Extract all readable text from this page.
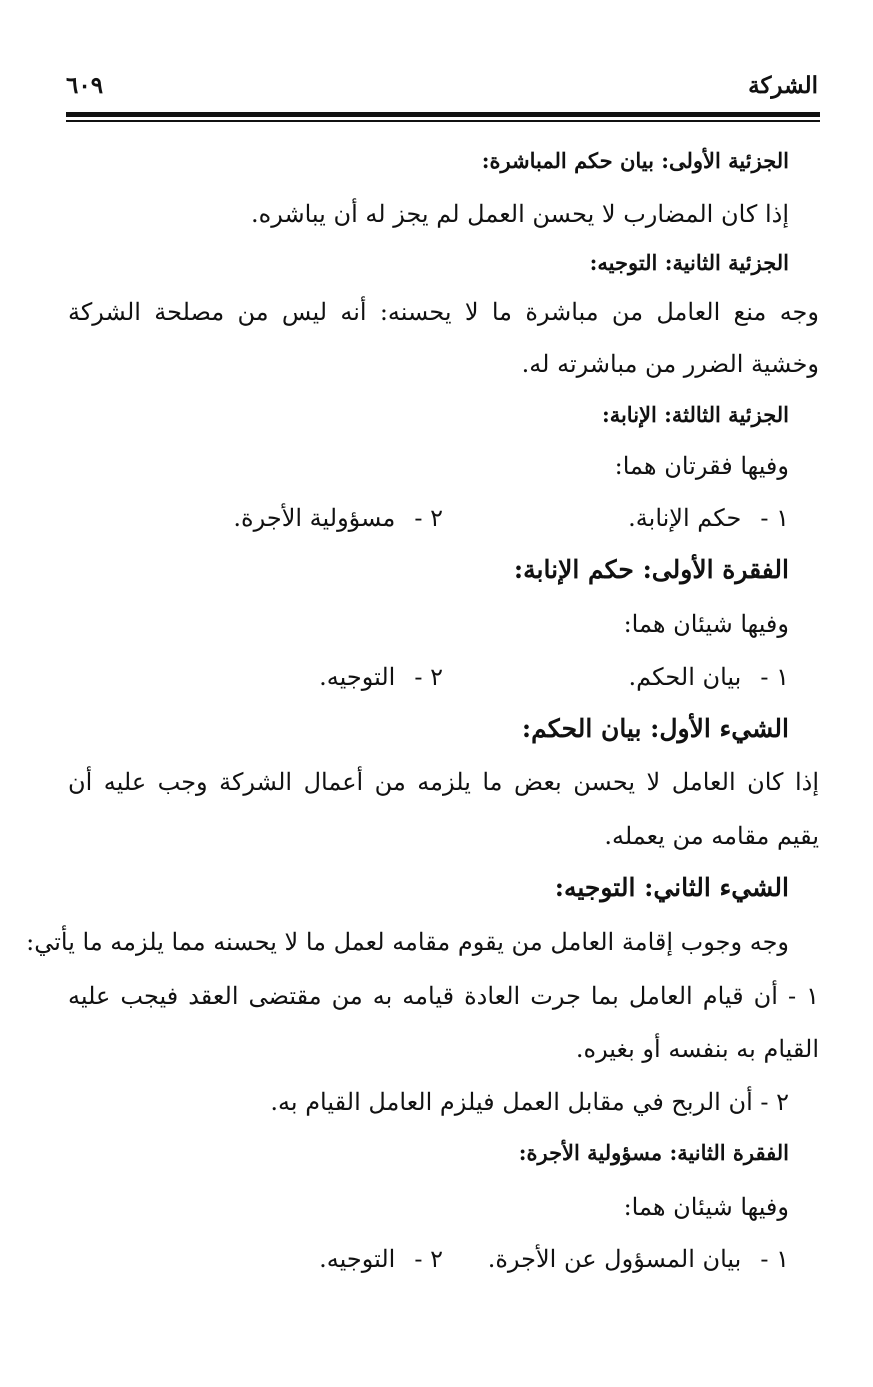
الشركة
٦٠٩
الجزئية الأولى: بيان حكم المباشرة:
إذا كان المضارب لا يحسن العمل لم يجز له أن يباشره.
الجزئية الثانية: التوجيه:
وجه منع العامل من مباشرة ما لا يحسنه: أنه ليس من مصلحة الشركة
وخشية الضرر من مباشرته له.
الجزئية الثالثة: الإنابة:
وفيها فقرتان هما:
١ - حكم الإنابة.
٢ - مسؤولية الأجرة.
الفقرة الأولى: حكم الإنابة:
وفيها شيئان هما:
١ - بيان الحكم.
٢ - التوجيه.
الشيء الأول: بيان الحكم:
إذا كان العامل لا يحسن بعض ما يلزمه من أعمال الشركة وجب عليه أن
يقيم مقامه من يعمله.
الشيء الثاني: التوجيه:
وجه وجوب إقامة العامل من يقوم مقامه لعمل ما لا يحسنه مما يلزمه ما يأتي:
١ - أن قيام العامل بما جرت العادة قيامه به من مقتضى العقد فيجب عليه
القيام به بنفسه أو بغيره.
٢ - أن الربح في مقابل العمل فيلزم العامل القيام به.
الفقرة الثانية: مسؤولية الأجرة:
وفيها شيئان هما:
١ - بيان المسؤول عن الأجرة.
٢ - التوجيه.
